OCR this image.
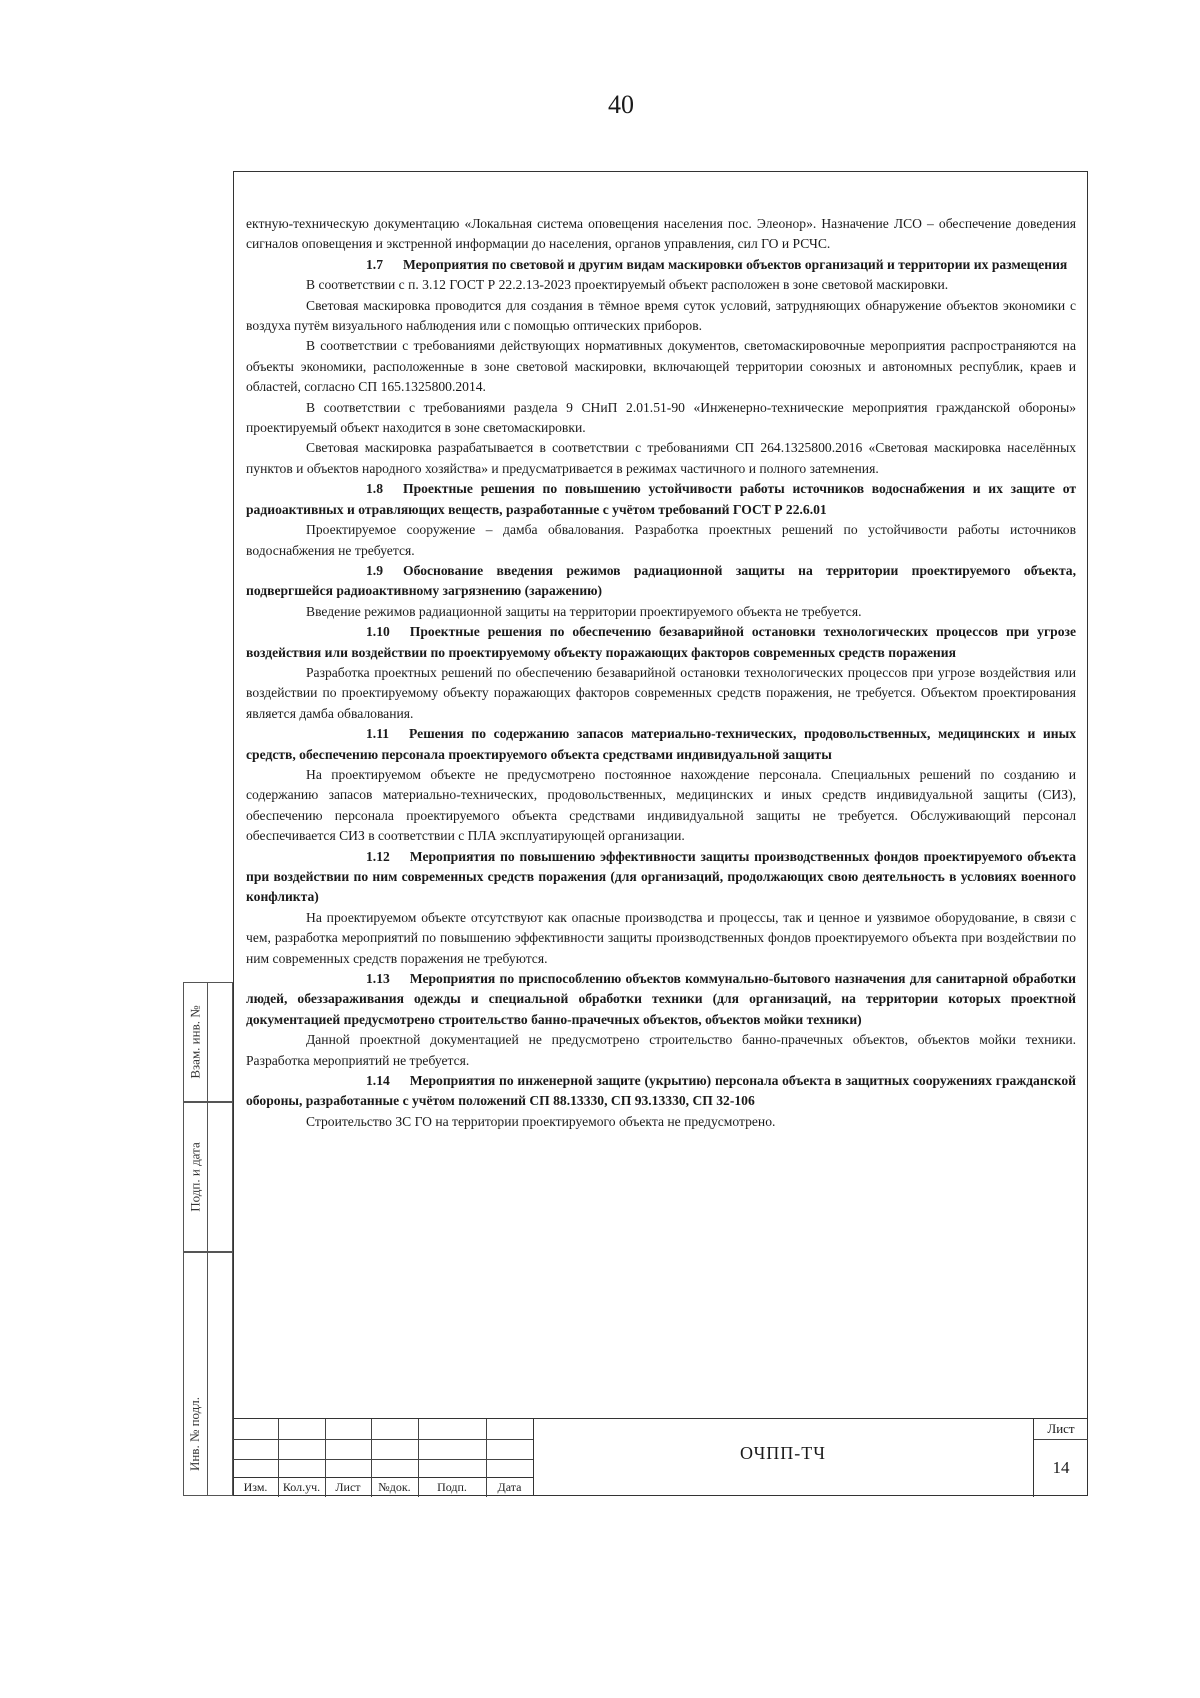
40

ектную-техническую документацию «Локальная система оповещения населения пос. Элеонор». Назначение ЛСО – обеспечение доведения сигналов оповещения и экстренной информации до населения, органов управления, сил ГО и РСЧС.

1.7 Мероприятия по световой и другим видам маскировки объектов организаций и территории их размещения

В соответствии с п. 3.12 ГОСТ Р 22.2.13-2023 проектируемый объект расположен в зоне световой маскировки.

Световая маскировка проводится для создания в тёмное время суток условий, затрудняющих обнаружение объектов экономики с воздуха путём визуального наблюдения или с помощью оптических приборов.

В соответствии с требованиями действующих нормативных документов, светомаскировочные мероприятия распространяются на объекты экономики, расположенные в зоне световой маскировки, включающей территории союзных и автономных республик, краев и областей, согласно СП 165.1325800.2014.

В соответствии с требованиями раздела 9 СНиП 2.01.51-90 «Инженерно-технические мероприятия гражданской обороны» проектируемый объект находится в зоне светомаскировки.

Световая маскировка разрабатывается в соответствии с требованиями СП 264.1325800.2016 «Световая маскировка населённых пунктов и объектов народного хозяйства» и предусматривается в режимах частичного и полного затемнения.

1.8 Проектные решения по повышению устойчивости работы источников водоснабжения и их защите от радиоактивных и отравляющих веществ, разработанные с учётом требований ГОСТ Р 22.6.01

Проектируемое сооружение – дамба обвалования. Разработка проектных решений по устойчивости работы источников водоснабжения не требуется.

1.9 Обоснование введения режимов радиационной защиты на территории проектируемого объекта, подвергшейся радиоактивному загрязнению (заражению)

Введение режимов радиационной защиты на территории проектируемого объекта не требуется.

1.10 Проектные решения по обеспечению безаварийной остановки технологических процессов при угрозе воздействия или воздействии по проектируемому объекту поражающих факторов современных средств поражения

Разработка проектных решений по обеспечению безаварийной остановки технологических процессов при угрозе воздействия или воздействии по проектируемому объекту поражающих факторов современных средств поражения, не требуется. Объектом проектирования является дамба обвалования.

1.11 Решения по содержанию запасов материально-технических, продовольственных, медицинских и иных средств, обеспечению персонала проектируемого объекта средствами индивидуальной защиты

На проектируемом объекте не предусмотрено постоянное нахождение персонала. Специальных решений по созданию и содержанию запасов материально-технических, продовольственных, медицинских и иных средств индивидуальной защиты (СИЗ), обеспечению персонала проектируемого объекта средствами индивидуальной защиты не требуется. Обслуживающий персонал обеспечивается СИЗ в соответствии с ПЛА эксплуатирующей организации.

1.12 Мероприятия по повышению эффективности защиты производственных фондов проектируемого объекта при воздействии по ним современных средств поражения (для организаций, продолжающих свою деятельность в условиях военного конфликта)

На проектируемом объекте отсутствуют как опасные производства и процессы, так и ценное и уязвимое оборудование, в связи с чем, разработка мероприятий по повышению эффективности защиты производственных фондов проектируемого объекта при воздействии по ним современных средств поражения не требуются.

1.13 Мероприятия по приспособлению объектов коммунально-бытового назначения для санитарной обработки людей, обеззараживания одежды и специальной обработки техники (для организаций, на территории которых проектной документацией предусмотрено строительство банно-прачечных объектов, объектов мойки техники)

Данной проектной документацией не предусмотрено строительство банно-прачечных объектов, объектов мойки техники. Разработка мероприятий не требуется.

1.14 Мероприятия по инженерной защите (укрытию) персонала объекта в защитных сооружениях гражданской обороны, разработанные с учётом положений СП 88.13330, СП 93.13330, СП 32-106

Строительство ЗС ГО на территории проектируемого объекта не предусмотрено.

Взам. инв. №
Подп. и дата
Инв. № подл.
Изм.	Кол.уч.	Лист	№док.	Подп.	Дата
ОЧПП-ТЧ
Лист
14
